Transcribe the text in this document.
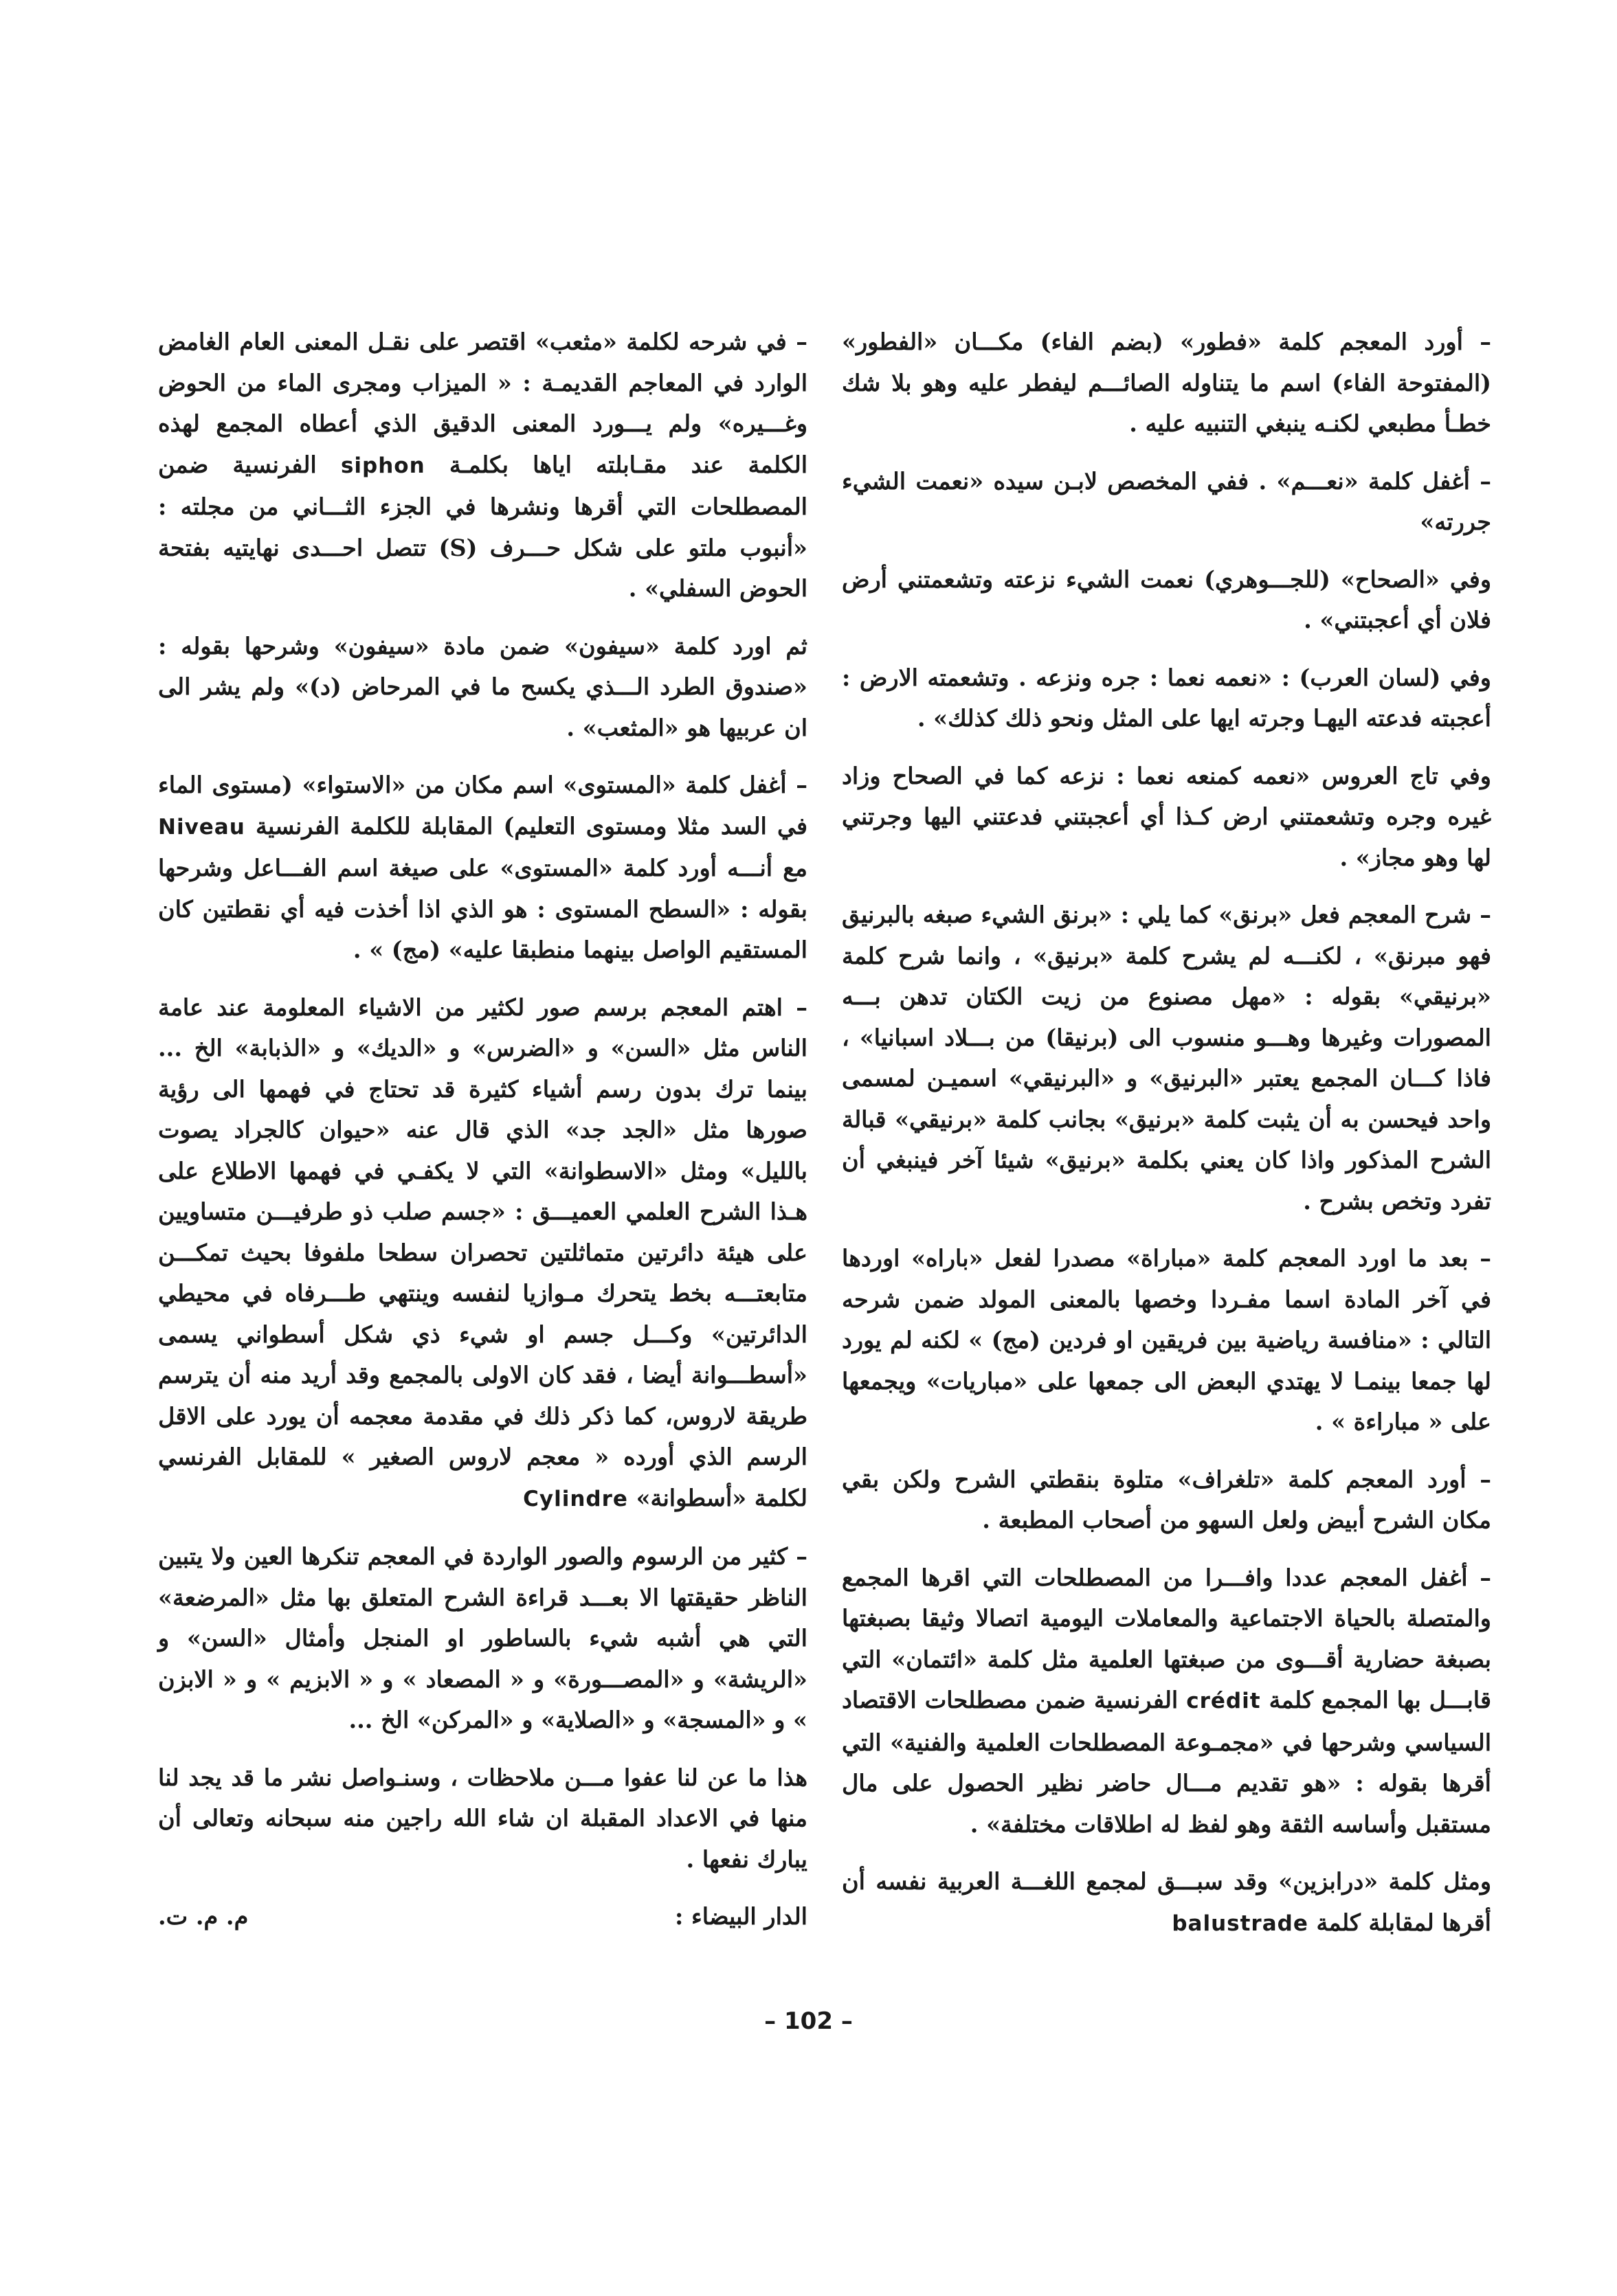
– أورد المعجم كلمة «فطور» (بضم الفاء) مكـــان «الفطور» (المفتوحة الفاء) اسم ما يتناوله الصائـــم ليفطر عليه وهو بلا شك خطـأ مطبعي لكنـه ينبغي التنبيه عليه .

– أغفل كلمة «نعـــم» . ففي المخصص لابـن سيده «نعمت الشيء جررته»

وفي «الصحاح» (للجـــوهري) نعمت الشيء نزعته وتشعمتني أرض فلان أي أعجبتني» .

وفي (لسان العرب) : «نعمه نعما : جره ونزعه . وتشعمته الارض : أعجبته فدعته اليهـا وجرته ايها على المثل ونحو ذلك كذلك» .

وفي تاج العروس «نعمه كمنعه نعما : نزعه كما في الصحاح وزاد غيره وجره وتشعمتني ارض كـذا أي أعجبتني فدعتني اليها وجرتني لها وهو مجاز» .

– شرح المعجم فعل «برنق» كما يلي : «برنق الشيء صبغه بالبرنيق فهو مبرنق» ، لكنـــه لم يشرح كلمة «برنيق» ، وانما شرح كلمة «برنيقي» بقوله : «مهل مصنوع من زيت الكتان تدهن بـــه المصورات وغيرها وهـــو منسوب الى (برنيقا) من بـــلاد اسبانيا» ، فاذا كـــان المجمع يعتبر «البرنيق» و «البرنيقي» اسميـن لمسمى واحد فيحسن به أن يثبت كلمة «برنيق» بجانب كلمة «برنيقي» قبالة الشرح المذكور واذا كان يعني بكلمة «برنيق» شيئا آخر فينبغي أن تفرد وتخص بشرح .

– بعد ما اورد المعجم كلمة «مباراة» مصدرا لفعل «باراه» اوردها في آخر المادة اسما مفـردا وخصها بالمعنى المولد ضمن شرحه التالي : «منافسة رياضية بين فريقين او فردين (مج) » لكنه لم يورد لها جمعا بينمـا لا يهتدي البعض الى جمعها على «مباريات» ويجمعها على « مباراءة » .

– أورد المعجم كلمة «تلغراف» متلوة بنقطتي الشرح ولكن بقي مكان الشرح أبيض ولعل السهو من أصحاب المطبعة .

– أغفل المعجم عددا وافـــرا من المصطلحات التي اقرها المجمع والمتصلة بالحياة الاجتماعية والمعاملات اليومية اتصالا وثيقا بصبغتها بصبغة حضارية أقـــوى من صبغتها العلمية مثل كلمة «ائتمان» التي قابـــل بها المجمع كلمة crédit الفرنسية ضمن مصطلحات الاقتصاد السياسي وشرحها في «مجمـوعة المصطلحات العلمية والفنية» التي أقرها بقوله : «هو تقديم مـــال حاضر نظير الحصول على مال مستقبل وأساسه الثقة وهو لفظ له اطلاقات مختلفة» .

ومثل كلمة «درابزين» وقد سبـــق لمجمع اللغـــة العربية نفسه أن أقرها لمقابلة كلمة balustrade

– في شرحه لكلمة «مثعب» اقتصر على نقـل المعنى العام الغامض الوارد في المعاجم القديمـة : « الميزاب ومجرى الماء من الحوض وغـــيره» ولم يـــورد المعنى الدقيق الذي أعطاه المجمع لهذه الكلمة عند مقـابلته اياها بكلمـة siphon الفرنسية ضمن المصطلحات التي أقرها ونشرها في الجزء الثـــاني من مجلته : «أنبوب ملتو على شكل حـــرف (S) تتصل احـــدى نهايتيه بفتحة الحوض السفلي» .

ثم اورد كلمة «سيفون» ضمن مادة «سيفون» وشرحها بقوله : «صندوق الطرد الـــذي يكسح ما في المرحاض (د)» ولم يشر الى ان عربيها هو «المثعب» .

– أغفل كلمة «المستوى» اسم مكان من «الاستواء» (مستوى الماء في السد مثلا ومستوى التعليم) المقابلة للكلمة الفرنسية Niveau مع أنـــه أورد كلمة «المستوى» على صيغة اسم الفـــاعل وشرحها بقوله : «السطح المستوى : هو الذي اذا أخذت فيه أي نقطتين كان المستقيم الواصل بينهما منطبقا عليه» (مج) » .

– اهتم المعجم برسم صور لكثير من الاشياء المعلومة عند عامة الناس مثل «السن» و «الضرس» و «الديك» و «الذبابة» الخ ... بينما ترك بدون رسم أشياء كثيرة قد تحتاج في فهمها الى رؤية صورها مثل «الجد جد» الذي قال عنه «حيوان كالجراد يصوت بالليل» ومثل «الاسطوانة» التي لا يكفـي في فهمها الاطلاع على هـذا الشرح العلمي العميـــق : «جسم صلب ذو طرفيـــن متساويين على هيئة دائرتين متماثلتين تحصران سطحا ملفوفا بحيث تمكـــن متابعتـــه بخط يتحرك مـوازيا لنفسه وينتهي طـــرفاه في محيطي الدائرتين» وكـــل جسم او شيء ذي شكل أسطواني يسمى «أسطـــوانة أيضا ، فقد كان الاولى بالمجمع وقد أريد منه أن يترسم طريقة لاروس، كما ذكر ذلك في مقدمة معجمه أن يورد على الاقل الرسم الذي أورده « معجم لاروس الصغير » للمقابل الفرنسي لكلمة «أسطوانة» Cylindre

– كثير من الرسوم والصور الواردة في المعجم تنكرها العين ولا يتبين الناظر حقيقتها الا بعـــد قراءة الشرح المتعلق بها مثل «المرضعة» التي هي أشبه شيء بالساطور او المنجل وأمثال «السن» و «الريشة» و «المصـــورة» و « المصعاد » و « الابزيم » و « الابزن » و «المسجة» و «الصلاية» و «المركن» الخ ...

هذا ما عن لنا عفوا مـــن ملاحظات ، وسنـواصل نشر ما قد يجد لنا منها في الاعداد المقبلة ان شاء الله راجين منه سبحانه وتعالى أن يبارك نفعها .

الدار البيضاء :
م. م. ت.
– 102 –
